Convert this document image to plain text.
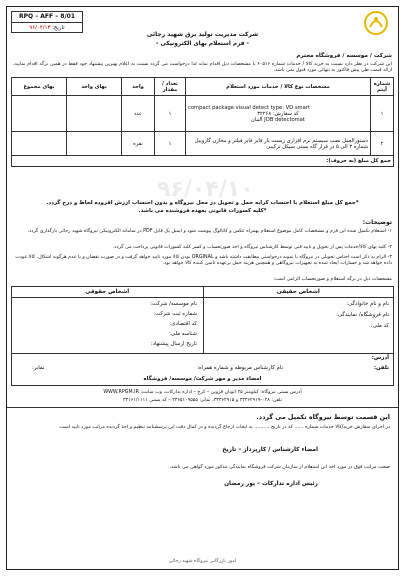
RPQ – AFF – 8/01
تاریخ: ۹۶/۰۴/۱۳
شرکت مدیریت تولید برق شهید رجائی
- فرم استعلام بهای الکترونیکی -
شرکت / موسسه / فروشگاه محترم
این شرکت در نظر دارد نسبت به خرید کالا / خدمات شماره ۶۰۵۱۶ با مشخصات ذیل اقدام نماید لذا درخواست می گردد نسبت به اعلام بهترین پیشنهاد خود فقط در همین برگه اقدام نمایید، ارائه قیمت طی پیش فاکتور به تنهائی مورد قبول نمی باشد.
شماره آیتم	مشخصات نوع کالا / خدمات مورد استعلام	تعداد / مقدار	واحد	بهای واحد	بهای مجموع
۱	compact package visual detect type: VD smart
کد سفارش: ۳۲۲۶۸
JOB detectomat آلمان	۱	عدد		
۲	دستورالعمل نصب سیستم نرم افزاری زیست یار فایر فایر فیلتر و مخازن گازوییل شماره ۳ الی ۵ در قرار گاه پستی سیکل ترکیبی	۱	نفره		
جمع کل مبلغ (به حروف):					
۹۶/۰۴/۱۰
*جمع کل مبلغ استعلام با احتساب کرایه حمل و تحویل در محل نیروگاه و بدون احتساب ارزش افزوده لحاظ و درج گردد.
*کلیه کسورات قانونی بعهده فروشنده می باشد.
توضیحات:
۱- استعلام تکمیل شده این فرم و مشخصات کامل موضوع استعلام بهمراه عکس و کاتالوگ پیوست شود و ایمیل یک فایل PDF در سامانه الکترونیکی نیروگاه شهید رجائی بارگذاری گردد.
۲- کلیه بهای کالا/خدمات پس از تحویل و تایید فنی توسط کارشناس نیروگاه و اخذ صورتحساب و کسر کلیه کسورات قانونی پرداخت می گردد.
۳- الزام به ذکر است اجناس تحویلی در نیروگاه با نمونه درخواستی مطابقت داشته باشد و ORGINAL بودن کالا مورد تایید خواهد گرفت و در صورت نقصان و یا عدم هرگونه اشکال، کالا عودت داده خواهد شد و خسارات ایجاد شده به تجهیزات نیروگاهی و همچنین هزینه حمل برعهده تامین کننده کالا خواهد بود.
مشخصات ذیل در برگه استعلام و صورتحساب الزامی است:
اشخاص حقیقی
اشخاص حقوقی
نام و نام خانوادگی:
نام فروشگاه/ نمایندگی:
کد ملی:
نام موسسه/ شرکت:
شماره ثبت شرکت:
کد اقتصادی:
شناسه ملی:
تاریخ ارسال پیشنهاد:
آدرس:
تلفن:
نام کارشناس مربوطه و شماره همراه:
نمابر:
امضاء مدیر و مهر شرکت/ موسسه/ فروشگاه
آدرس پستی نیروگاه: کیلومتر ۲۵ اتوبان قزوین – کرج – اداره تدارکات، وب سایت: WWW.RPGM.IR
تلفن: ۰۲۸-۳۳۳۶۲۹۱۹ و ۳۳۳۶۲۹۱۵، نمابر: ۳۳۶۵۱۰۹۵۵۵ – کد پستی ۳۴۱۶۱/۱۱۱۱
این قسمت توسط نیروگاه تکمیل می گردد.
در اجرای سفارش خرید/کالا خدمات شماره ...... که در تاریخ .......... به ایجاب ارجاع گردیده و در کمال دقت این پرسشنامه تنظیم و اخذ گردیده مراتب مورد تایید است.
امضاء کارشناس / کارپرداز – تاریخ
صحت مراتب فوق در مورد اخذ این استعلام از سازمان شرکت فروشگاه نمایندگی مذکور مورد گواهی می باشد.
رئیس اداره تدارکات – پور رمضان
امور بازرگانی نیروگاه شهید رجائی
